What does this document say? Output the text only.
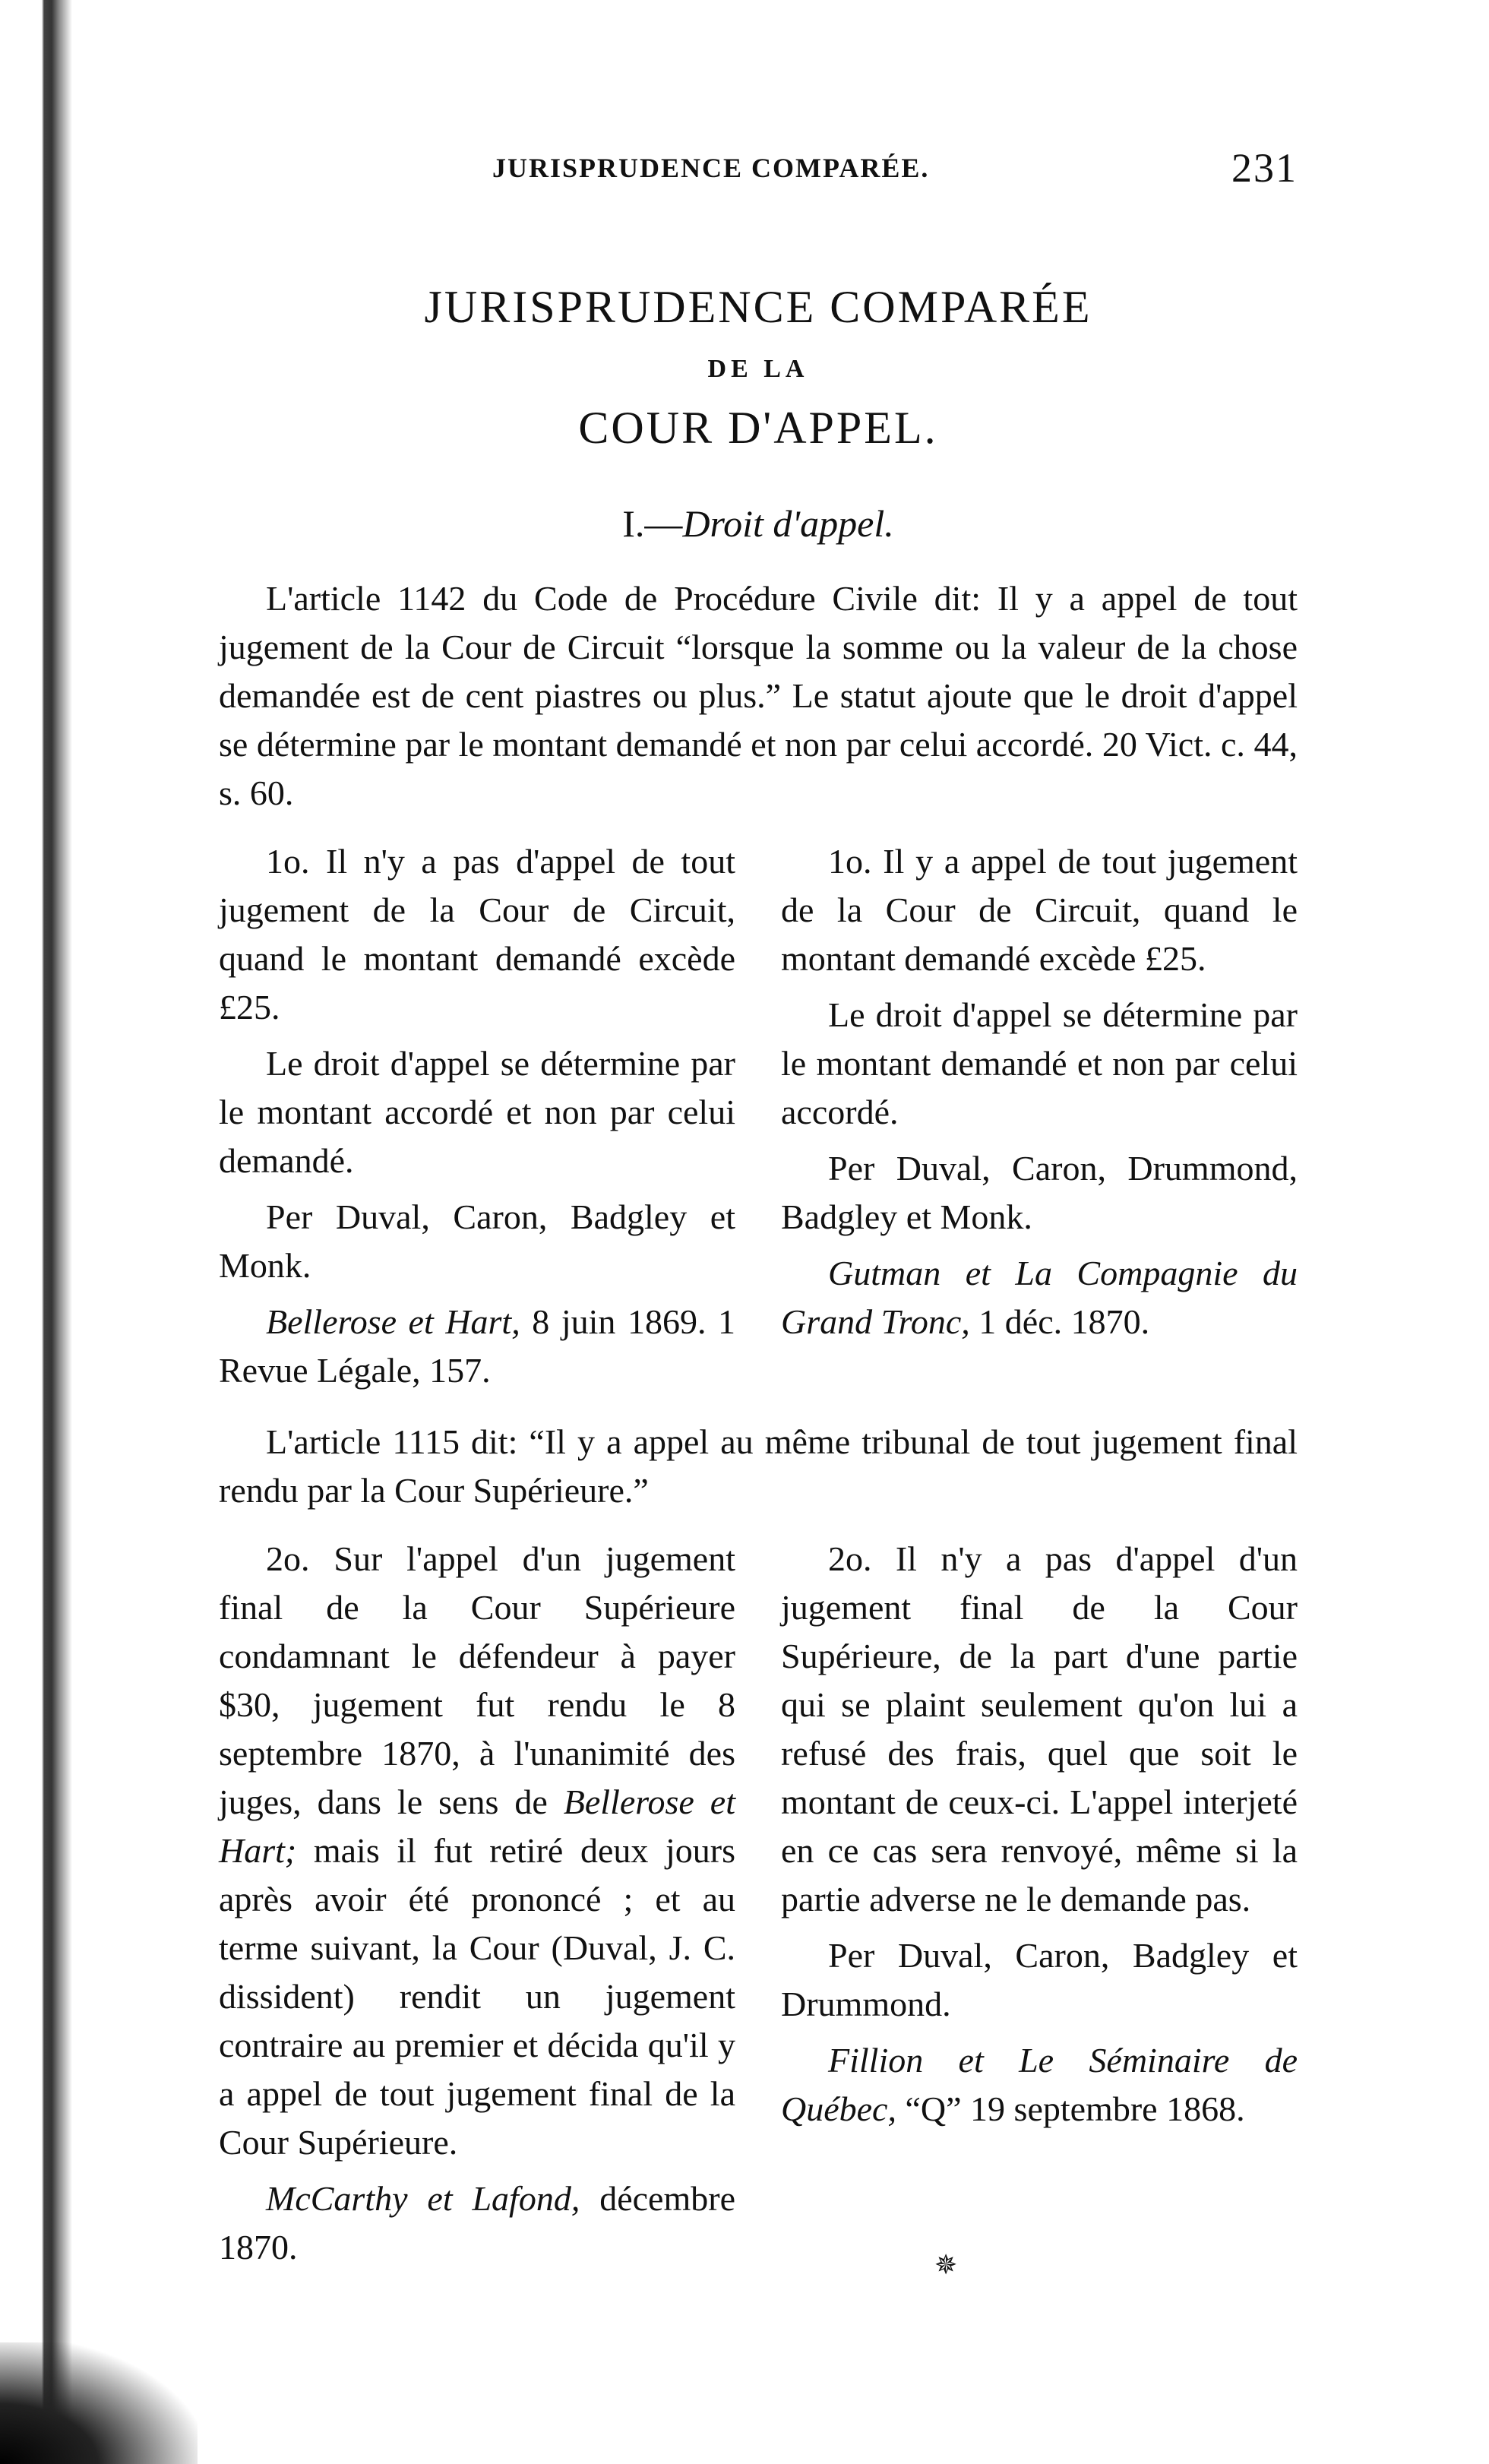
JURISPRUDENCE COMPARÉE.	231
JURISPRUDENCE COMPARÉE
DE LA
COUR D'APPEL.
I.—Droit d'appel.

L'article 1142 du Code de Procédure Civile dit: Il y a appel de tout jugement de la Cour de Circuit “lorsque la somme ou la valeur de la chose demandée est de cent piastres ou plus.” Le statut ajoute que le droit d'appel se détermine par le montant demandé et non par celui accordé. 20 Vict. c. 44, s. 60.

1o. Il n'y a pas d'appel de tout jugement de la Cour de Circuit, quand le montant demandé excède £25.

Le droit d'appel se détermine par le montant accordé et non par celui demandé.

Per Duval, Caron, Badgley et Monk.

Bellerose et Hart, 8 juin 1869. 1 Revue Légale, 157.

1o. Il y a appel de tout jugement de la Cour de Circuit, quand le montant demandé excède £25.

Le droit d'appel se détermine par le montant demandé et non par celui accordé.

Per Duval, Caron, Drummond, Badgley et Monk.

Gutman et La Compagnie du Grand Tronc, 1 déc. 1870.

L'article 1115 dit: “Il y a appel au même tribunal de tout jugement final rendu par la Cour Supérieure.”

2o. Sur l'appel d'un jugement final de la Cour Supérieure condamnant le défendeur à payer $30, jugement fut rendu le 8 septembre 1870, à l'unanimité des juges, dans le sens de Bellerose et Hart; mais il fut retiré deux jours après avoir été prononcé ; et au terme suivant, la Cour (Duval, J. C. dissident) rendit un jugement contraire au premier et décida qu'il y a appel de tout jugement final de la Cour Supérieure.

McCarthy et Lafond, décembre 1870.

2o. Il n'y a pas d'appel d'un jugement final de la Cour Supérieure, de la part d'une partie qui se plaint seulement qu'on lui a refusé des frais, quel que soit le montant de ceux-ci. L'appel interjeté en ce cas sera renvoyé, même si la partie adverse ne le demande pas.

Per Duval, Caron, Badgley et Drummond.

Fillion et Le Séminaire de Québec, “Q” 19 septembre 1868.

✵
